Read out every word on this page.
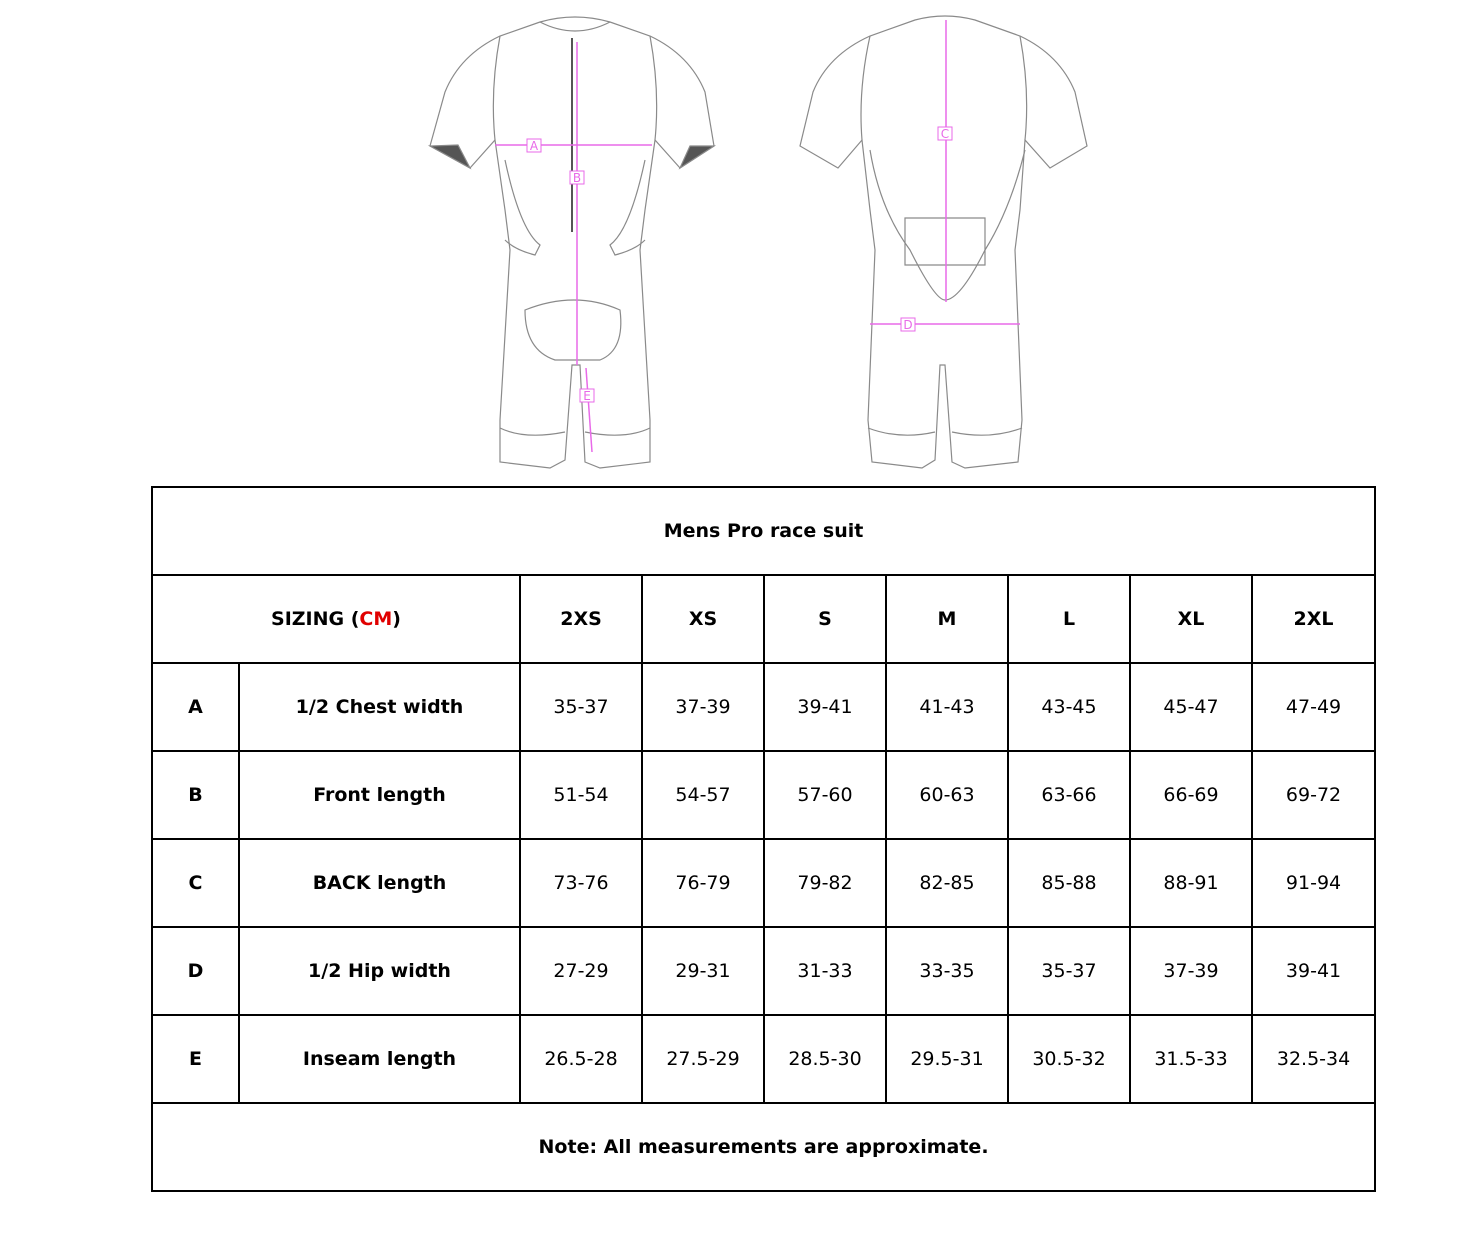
A
B
E
C
D
Mens Pro race suit								
SIZING (CM)		2XS	XS	S	M	L	XL	2XL
A	1/2 Chest width	35-37	37-39	39-41	41-43	43-45	45-47	47-49
B	Front length	51-54	54-57	57-60	60-63	63-66	66-69	69-72
C	BACK length	73-76	76-79	79-82	82-85	85-88	88-91	91-94
D	1/2 Hip width	27-29	29-31	31-33	33-35	35-37	37-39	39-41
E	Inseam length	26.5-28	27.5-29	28.5-30	29.5-31	30.5-32	31.5-33	32.5-34
Note: All measurements are approximate.								
